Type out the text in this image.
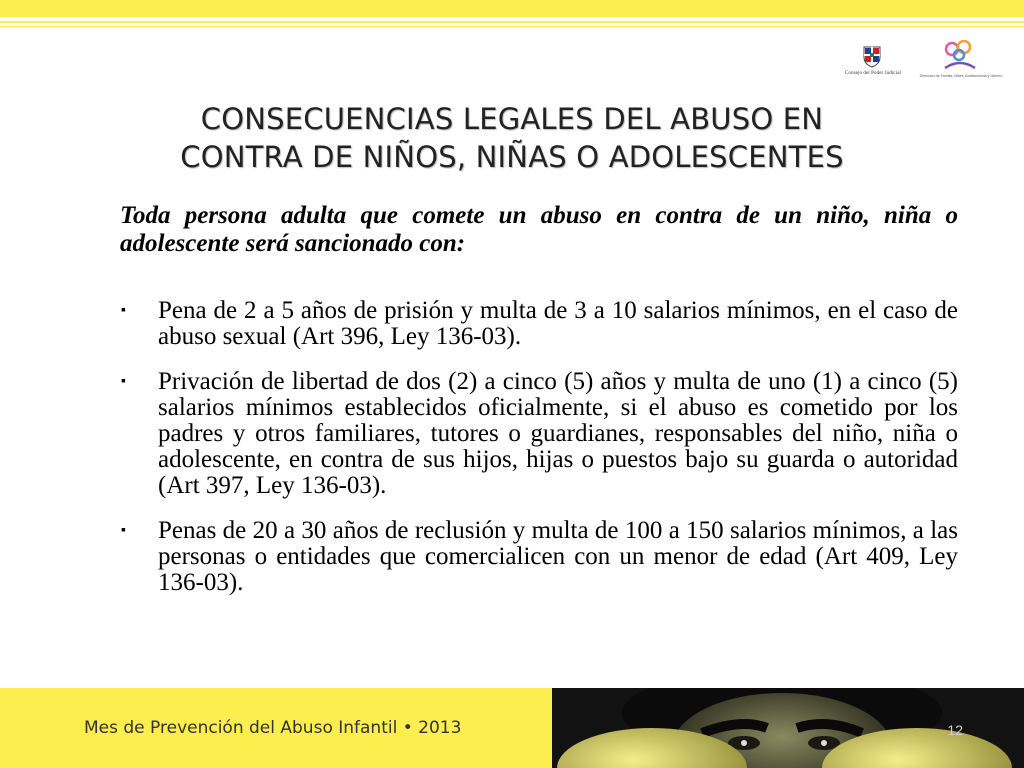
Consejo del Poder Judicial	Dirección de Familia, Niñez, Adolescencia y Género
CONSECUENCIAS LEGALES DEL ABUSO EN
CONTRA DE NIÑOS, NIÑAS O ADOLESCENTES
Toda persona adulta que comete un abuso en contra de un niño, niña o adolescente será sancionado con:
▪ Pena de 2 a 5 años de prisión y multa de 3 a 10 salarios mínimos, en el caso de abuso sexual (Art 396, Ley 136-03).
▪ Privación de libertad de dos (2) a cinco (5) años y multa de uno (1) a cinco (5) salarios mínimos establecidos oficialmente, si el abuso es cometido por los padres y otros familiares, tutores o guardianes, responsables del niño, niña o adolescente, en contra de sus hijos, hijas o puestos bajo su guarda o autoridad (Art 397, Ley 136-03).
▪ Penas de 20 a 30 años de reclusión y multa de 100 a 150 salarios mínimos, a las personas o entidades que comercialicen con un menor de edad (Art 409, Ley 136-03).
Mes de Prevención del Abuso Infantil • 2013	12
